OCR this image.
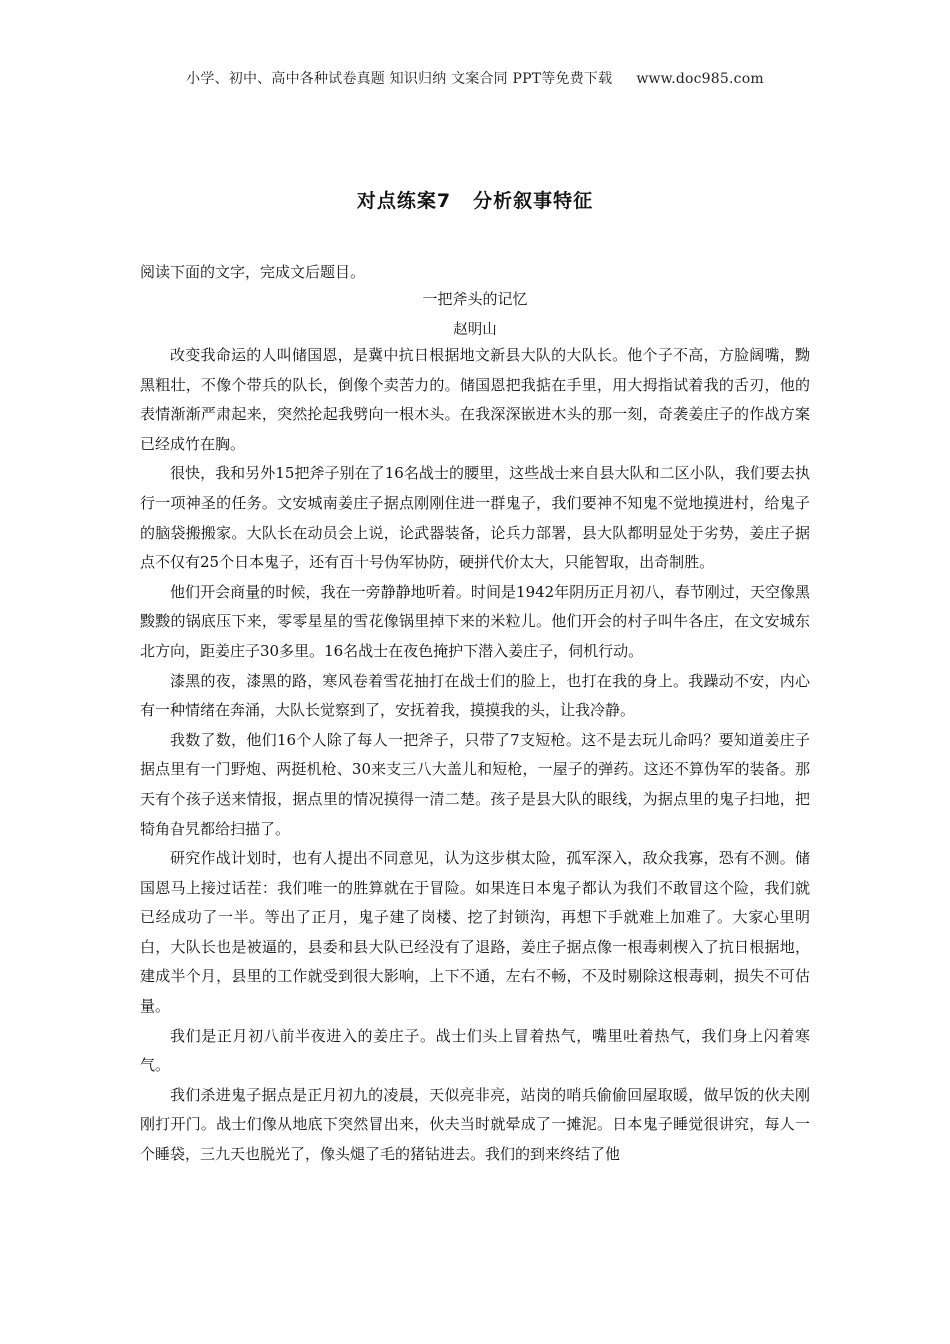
小学、初中、高中各种试卷真题 知识归纳 文案合同 PPT等免费下载 www.doc985.com
对点练案7 分析叙事特征
阅读下面的文字，完成文后题目。
一把斧头的记忆
赵明山

改变我命运的人叫储国恩，是冀中抗日根据地文新县大队的大队长。他个子不高，方脸阔嘴，黝黑粗壮，不像个带兵的队长，倒像个卖苦力的。储国恩把我掂在手里，用大拇指试着我的舌刃，他的表情渐渐严肃起来，突然抡起我劈向一根木头。在我深深嵌进木头的那一刻，奇袭姜庄子的作战方案已经成竹在胸。

很快，我和另外15把斧子别在了16名战士的腰里，这些战士来自县大队和二区小队，我们要去执行一项神圣的任务。文安城南姜庄子据点刚刚住进一群鬼子，我们要神不知鬼不觉地摸进村，给鬼子的脑袋搬搬家。大队长在动员会上说，论武器装备，论兵力部署，县大队都明显处于劣势，姜庄子据点不仅有25个日本鬼子，还有百十号伪军协防，硬拼代价太大，只能智取，出奇制胜。

他们开会商量的时候，我在一旁静静地听着。时间是1942年阴历正月初八，春节刚过，天空像黑黢黢的锅底压下来，零零星星的雪花像锅里掉下来的米粒儿。他们开会的村子叫牛各庄，在文安城东北方向，距姜庄子30多里。16名战士在夜色掩护下潜入姜庄子，伺机行动。

漆黑的夜，漆黑的路，寒风卷着雪花抽打在战士们的脸上，也打在我的身上。我躁动不安，内心有一种情绪在奔涌，大队长觉察到了，安抚着我，摸摸我的头，让我冷静。

我数了数，他们16个人除了每人一把斧子，只带了7支短枪。这不是去玩儿命吗？要知道姜庄子据点里有一门野炮、两挺机枪、30来支三八大盖儿和短枪，一屋子的弹药。这还不算伪军的装备。那天有个孩子送来情报，据点里的情况摸得一清二楚。孩子是县大队的眼线，为据点里的鬼子扫地，把犄角旮旯都给扫描了。

研究作战计划时，也有人提出不同意见，认为这步棋太险，孤军深入，敌众我寡，恐有不测。储国恩马上接过话茬：我们唯一的胜算就在于冒险。如果连日本鬼子都认为我们不敢冒这个险，我们就已经成功了一半。等出了正月，鬼子建了岗楼、挖了封锁沟，再想下手就难上加难了。大家心里明白，大队长也是被逼的，县委和县大队已经没有了退路，姜庄子据点像一根毒刺楔入了抗日根据地，建成半个月，县里的工作就受到很大影响，上下不通，左右不畅，不及时剔除这根毒刺，损失不可估量。

我们是正月初八前半夜进入的姜庄子。战士们头上冒着热气，嘴里吐着热气，我们身上闪着寒气。

我们杀进鬼子据点是正月初九的凌晨，天似亮非亮，站岗的哨兵偷偷回屋取暖，做早饭的伙夫刚刚打开门。战士们像从地底下突然冒出来，伙夫当时就晕成了一摊泥。日本鬼子睡觉很讲究，每人一个睡袋，三九天也脱光了，像头煺了毛的猪钻进去。我们的到来终结了他
